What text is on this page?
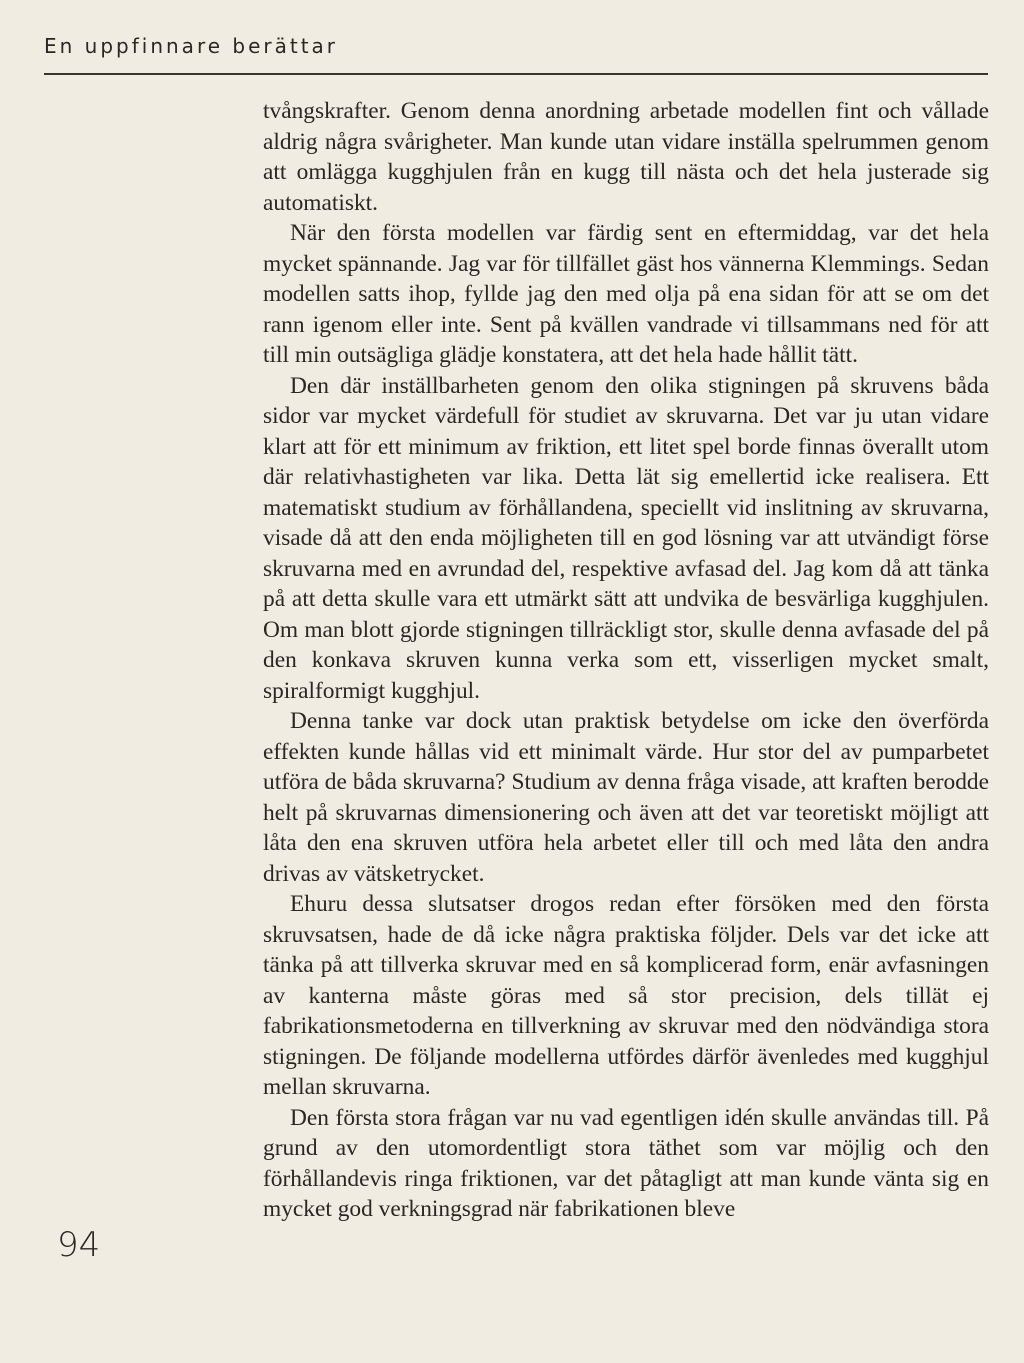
En uppfinnare berättar

tvångskrafter. Genom denna anordning arbetade modellen fint och vållade aldrig några svårigheter. Man kunde utan vidare inställa spelrummen genom att omlägga kugghjulen från en kugg till nästa och det hela justerade sig automatiskt.

När den första modellen var färdig sent en eftermiddag, var det hela mycket spännande. Jag var för tillfället gäst hos vännerna Klemmings. Sedan modellen satts ihop, fyllde jag den med olja på ena sidan för att se om det rann igenom eller inte. Sent på kvällen vandrade vi tillsammans ned för att till min outsägliga glädje konstatera, att det hela hade hållit tätt.

Den där inställbarheten genom den olika stigningen på skruvens båda sidor var mycket värdefull för studiet av skruvarna. Det var ju utan vidare klart att för ett minimum av friktion, ett litet spel borde finnas överallt utom där relativhastigheten var lika. Detta lät sig emellertid icke realisera. Ett matematiskt studium av förhållandena, speciellt vid inslitning av skruvarna, visade då att den enda möjligheten till en god lösning var att utvändigt förse skruvarna med en avrundad del, respektive avfasad del. Jag kom då att tänka på att detta skulle vara ett utmärkt sätt att undvika de besvärliga kugghjulen. Om man blott gjorde stigningen tillräckligt stor, skulle denna avfasade del på den konkava skruven kunna verka som ett, visserligen mycket smalt, spiralformigt kugghjul.

Denna tanke var dock utan praktisk betydelse om icke den överförda effekten kunde hållas vid ett minimalt värde. Hur stor del av pumparbetet utföra de båda skruvarna? Studium av denna fråga visade, att kraften berodde helt på skruvarnas dimensionering och även att det var teoretiskt möjligt att låta den ena skruven utföra hela arbetet eller till och med låta den andra drivas av vätsketrycket.

Ehuru dessa slutsatser drogos redan efter försöken med den första skruvsatsen, hade de då icke några praktiska följder. Dels var det icke att tänka på att tillverka skruvar med en så komplicerad form, enär avfasningen av kanterna måste göras med så stor precision, dels tillät ej fabrikationsmetoderna en tillverkning av skruvar med den nödvändiga stora stigningen. De följande modellerna utfördes därför ävenledes med kugghjul mellan skruvarna.

Den första stora frågan var nu vad egentligen idén skulle användas till. På grund av den utomordentligt stora täthet som var möjlig och den förhållandevis ringa friktionen, var det påtagligt att man kunde vänta sig en mycket god verkningsgrad när fabrikationen bleve

94
